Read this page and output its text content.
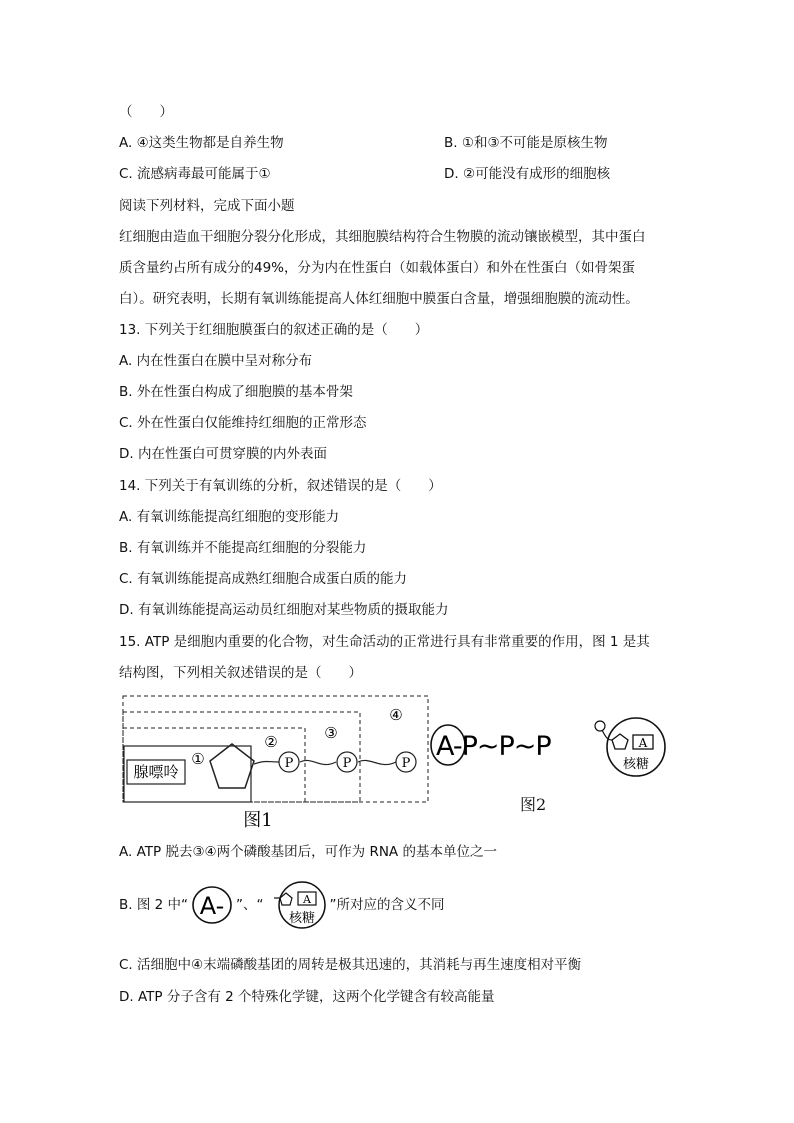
（　　）
A. ④这类生物都是自养生物	B. ①和③不可能是原核生物
C. 流感病毒最可能属于①	D. ②可能没有成形的细胞核
阅读下列材料，完成下面小题
红细胞由造血干细胞分裂分化形成，其细胞膜结构符合生物膜的流动镶嵌模型，其中蛋白
质含量约占所有成分的49%，分为内在性蛋白（如载体蛋白）和外在性蛋白（如骨架蛋
白）。研究表明，长期有氧训练能提高人体红细胞中膜蛋白含量，增强细胞膜的流动性。
13. 下列关于红细胞膜蛋白的叙述正确的是（　　）
A. 内在性蛋白在膜中呈对称分布
B. 外在性蛋白构成了细胞膜的基本骨架
C. 外在性蛋白仅能维持红细胞的正常形态
D. 内在性蛋白可贯穿膜的内外表面
14. 下列关于有氧训练的分析，叙述错误的是（　　）
A. 有氧训练能提高红细胞的变形能力
B. 有氧训练并不能提高红细胞的分裂能力
C. 有氧训练能提高成熟红细胞合成蛋白质的能力
D. 有氧训练能提高运动员红细胞对某些物质的摄取能力
15. ATP 是细胞内重要的化合物，对生命活动的正常进行具有非常重要的作用，图 1 是其
结构图，下列相关叙述错误的是（　　）
腺嘌呤
①
②	③
④
P	P	P
图1
A-P~P~P	A
核糖
图2
A. ATP 脱去③④两个磷酸基团后，可作为 RNA 的基本单位之一
B. 图 2 中“ A- ”、“	A
核糖
”所对应的含义不同
C. 活细胞中④末端磷酸基团的周转是极其迅速的，其消耗与再生速度相对平衡
D. ATP 分子含有 2 个特殊化学键，这两个化学键含有较高能量
